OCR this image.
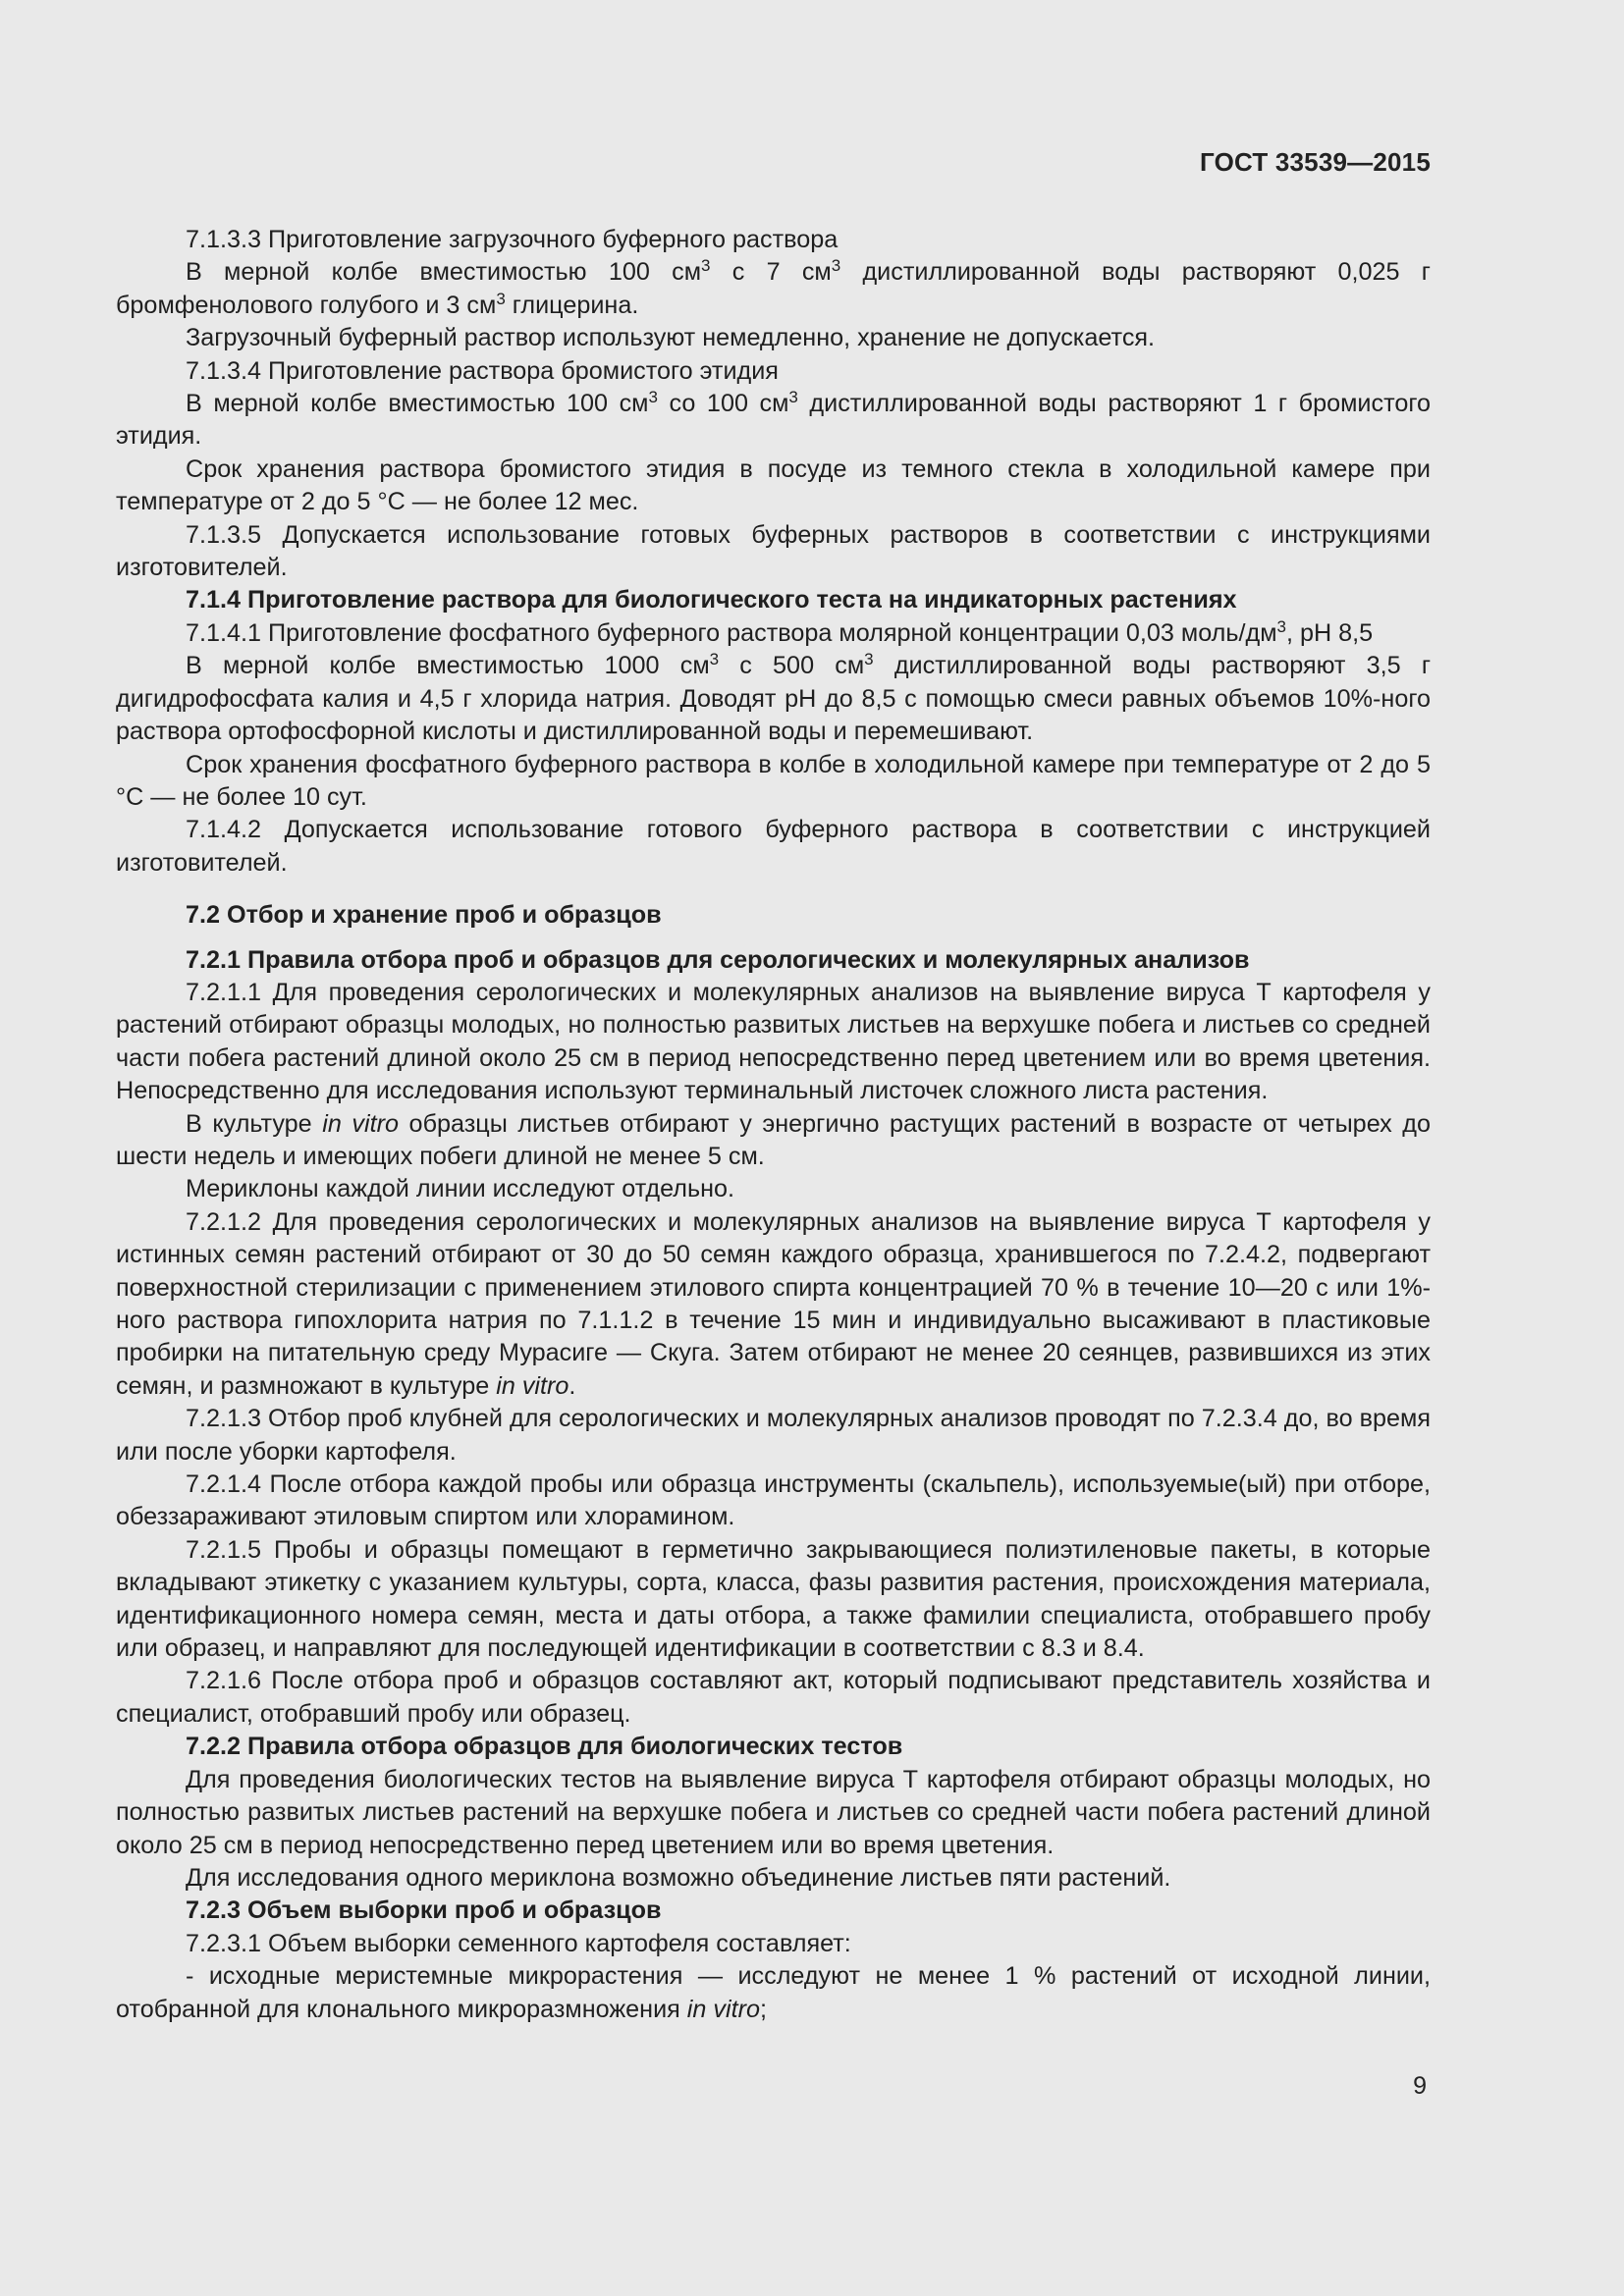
ГОСТ 33539—2015

7.1.3.3 Приготовление загрузочного буферного раствора

В мерной колбе вместимостью 100 $см^3$ с 7 $см^3$ дистиллированной воды растворяют 0,025 г бромфенолового голубого и 3 $см^3$ глицерина.

Загрузочный буферный раствор используют немедленно, хранение не допускается.

7.1.3.4 Приготовление раствора бромистого этидия

В мерной колбе вместимостью 100 $см^3$ со 100 $см^3$ дистиллированной воды растворяют 1 г бромистого этидия.

Срок хранения раствора бромистого этидия в посуде из темного стекла в холодильной камере при температуре от 2 до 5 °С — не более 12 мес.

7.1.3.5 Допускается использование готовых буферных растворов в соответствии с инструкциями изготовителей.

7.1.4 Приготовление раствора для биологического теста на индикаторных растениях

7.1.4.1 Приготовление фосфатного буферного раствора молярной концентрации 0,03 моль/$дм^3$, pH 8,5

В мерной колбе вместимостью 1000 $см^3$ с 500 $см^3$ дистиллированной воды растворяют 3,5 г дигидрофосфата калия и 4,5 г хлорида натрия. Доводят pH до 8,5 с помощью смеси равных объемов 10%-ного раствора ортофосфорной кислоты и дистиллированной воды и перемешивают.

Срок хранения фосфатного буферного раствора в колбе в холодильной камере при температуре от 2 до 5 °С — не более 10 сут.

7.1.4.2 Допускается использование готового буферного раствора в соответствии с инструкцией изготовителей.

7.2 Отбор и хранение проб и образцов

7.2.1 Правила отбора проб и образцов для серологических и молекулярных анализов

7.2.1.1 Для проведения серологических и молекулярных анализов на выявление вируса Т картофеля у растений отбирают образцы молодых, но полностью развитых листьев на верхушке побега и листьев со средней части побега растений длиной около 25 см в период непосредственно перед цветением или во время цветения. Непосредственно для исследования используют терминальный листочек сложного листа растения.

В культуре in vitro образцы листьев отбирают у энергично растущих растений в возрасте от четырех до шести недель и имеющих побеги длиной не менее 5 см.

Мериклоны каждой линии исследуют отдельно.

7.2.1.2 Для проведения серологических и молекулярных анализов на выявление вируса Т картофеля у истинных семян растений отбирают от 30 до 50 семян каждого образца, хранившегося по 7.2.4.2, подвергают поверхностной стерилизации с применением этилового спирта концентрацией 70 % в течение 10—20 с или 1%-ного раствора гипохлорита натрия по 7.1.1.2 в течение 15 мин и индивидуально высаживают в пластиковые пробирки на питательную среду Мурасиге — Скуга. Затем отбирают не менее 20 сеянцев, развившихся из этих семян, и размножают в культуре in vitro.

7.2.1.3 Отбор проб клубней для серологических и молекулярных анализов проводят по 7.2.3.4 до, во время или после уборки картофеля.

7.2.1.4 После отбора каждой пробы или образца инструменты (скальпель), используемые(ый) при отборе, обеззараживают этиловым спиртом или хлорамином.

7.2.1.5 Пробы и образцы помещают в герметично закрывающиеся полиэтиленовые пакеты, в которые вкладывают этикетку с указанием культуры, сорта, класса, фазы развития растения, происхождения материала, идентификационного номера семян, места и даты отбора, а также фамилии специалиста, отобравшего пробу или образец, и направляют для последующей идентификации в соответствии с 8.3 и 8.4.

7.2.1.6 После отбора проб и образцов составляют акт, который подписывают представитель хозяйства и специалист, отобравший пробу или образец.

7.2.2 Правила отбора образцов для биологических тестов

Для проведения биологических тестов на выявление вируса Т картофеля отбирают образцы молодых, но полностью развитых листьев растений на верхушке побега и листьев со средней части побега растений длиной около 25 см в период непосредственно перед цветением или во время цветения.

Для исследования одного мериклона возможно объединение листьев пяти растений.

7.2.3 Объем выборки проб и образцов

7.2.3.1 Объем выборки семенного картофеля составляет:

- исходные меристемные микрорастения — исследуют не менее 1 % растений от исходной линии, отобранной для клонального микроразмножения in vitro;

9
